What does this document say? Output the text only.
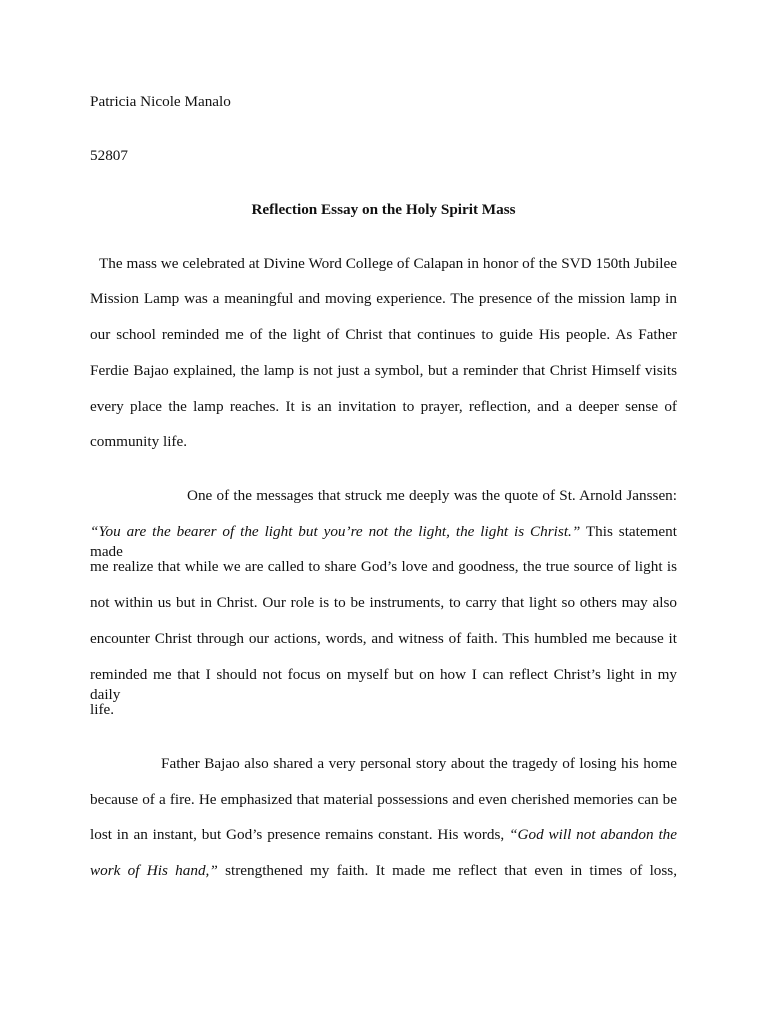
Patricia Nicole Manalo
52807
Reflection Essay on the Holy Spirit Mass
The mass we celebrated at Divine Word College of Calapan in honor of the SVD 150th Jubilee
Mission Lamp was a meaningful and moving experience. The presence of the mission lamp in
our school reminded me of the light of Christ that continues to guide His people. As Father
Ferdie Bajao explained, the lamp is not just a symbol, but a reminder that Christ Himself visits
every place the lamp reaches. It is an invitation to prayer, reflection, and a deeper sense of
community life.
One of the messages that struck me deeply was the quote of St. Arnold Janssen:
“You are the bearer of the light but you’re not the light, the light is Christ.” This statement made
me realize that while we are called to share God’s love and goodness, the true source of light is
not within us but in Christ. Our role is to be instruments, to carry that light so others may also
encounter Christ through our actions, words, and witness of faith. This humbled me because it
reminded me that I should not focus on myself but on how I can reflect Christ’s light in my daily
life.
Father Bajao also shared a very personal story about the tragedy of losing his home
because of a fire. He emphasized that material possessions and even cherished memories can be
lost in an instant, but God’s presence remains constant. His words, “God will not abandon the
work of His hand,” strengthened my faith. It made me reflect that even in times of loss,
